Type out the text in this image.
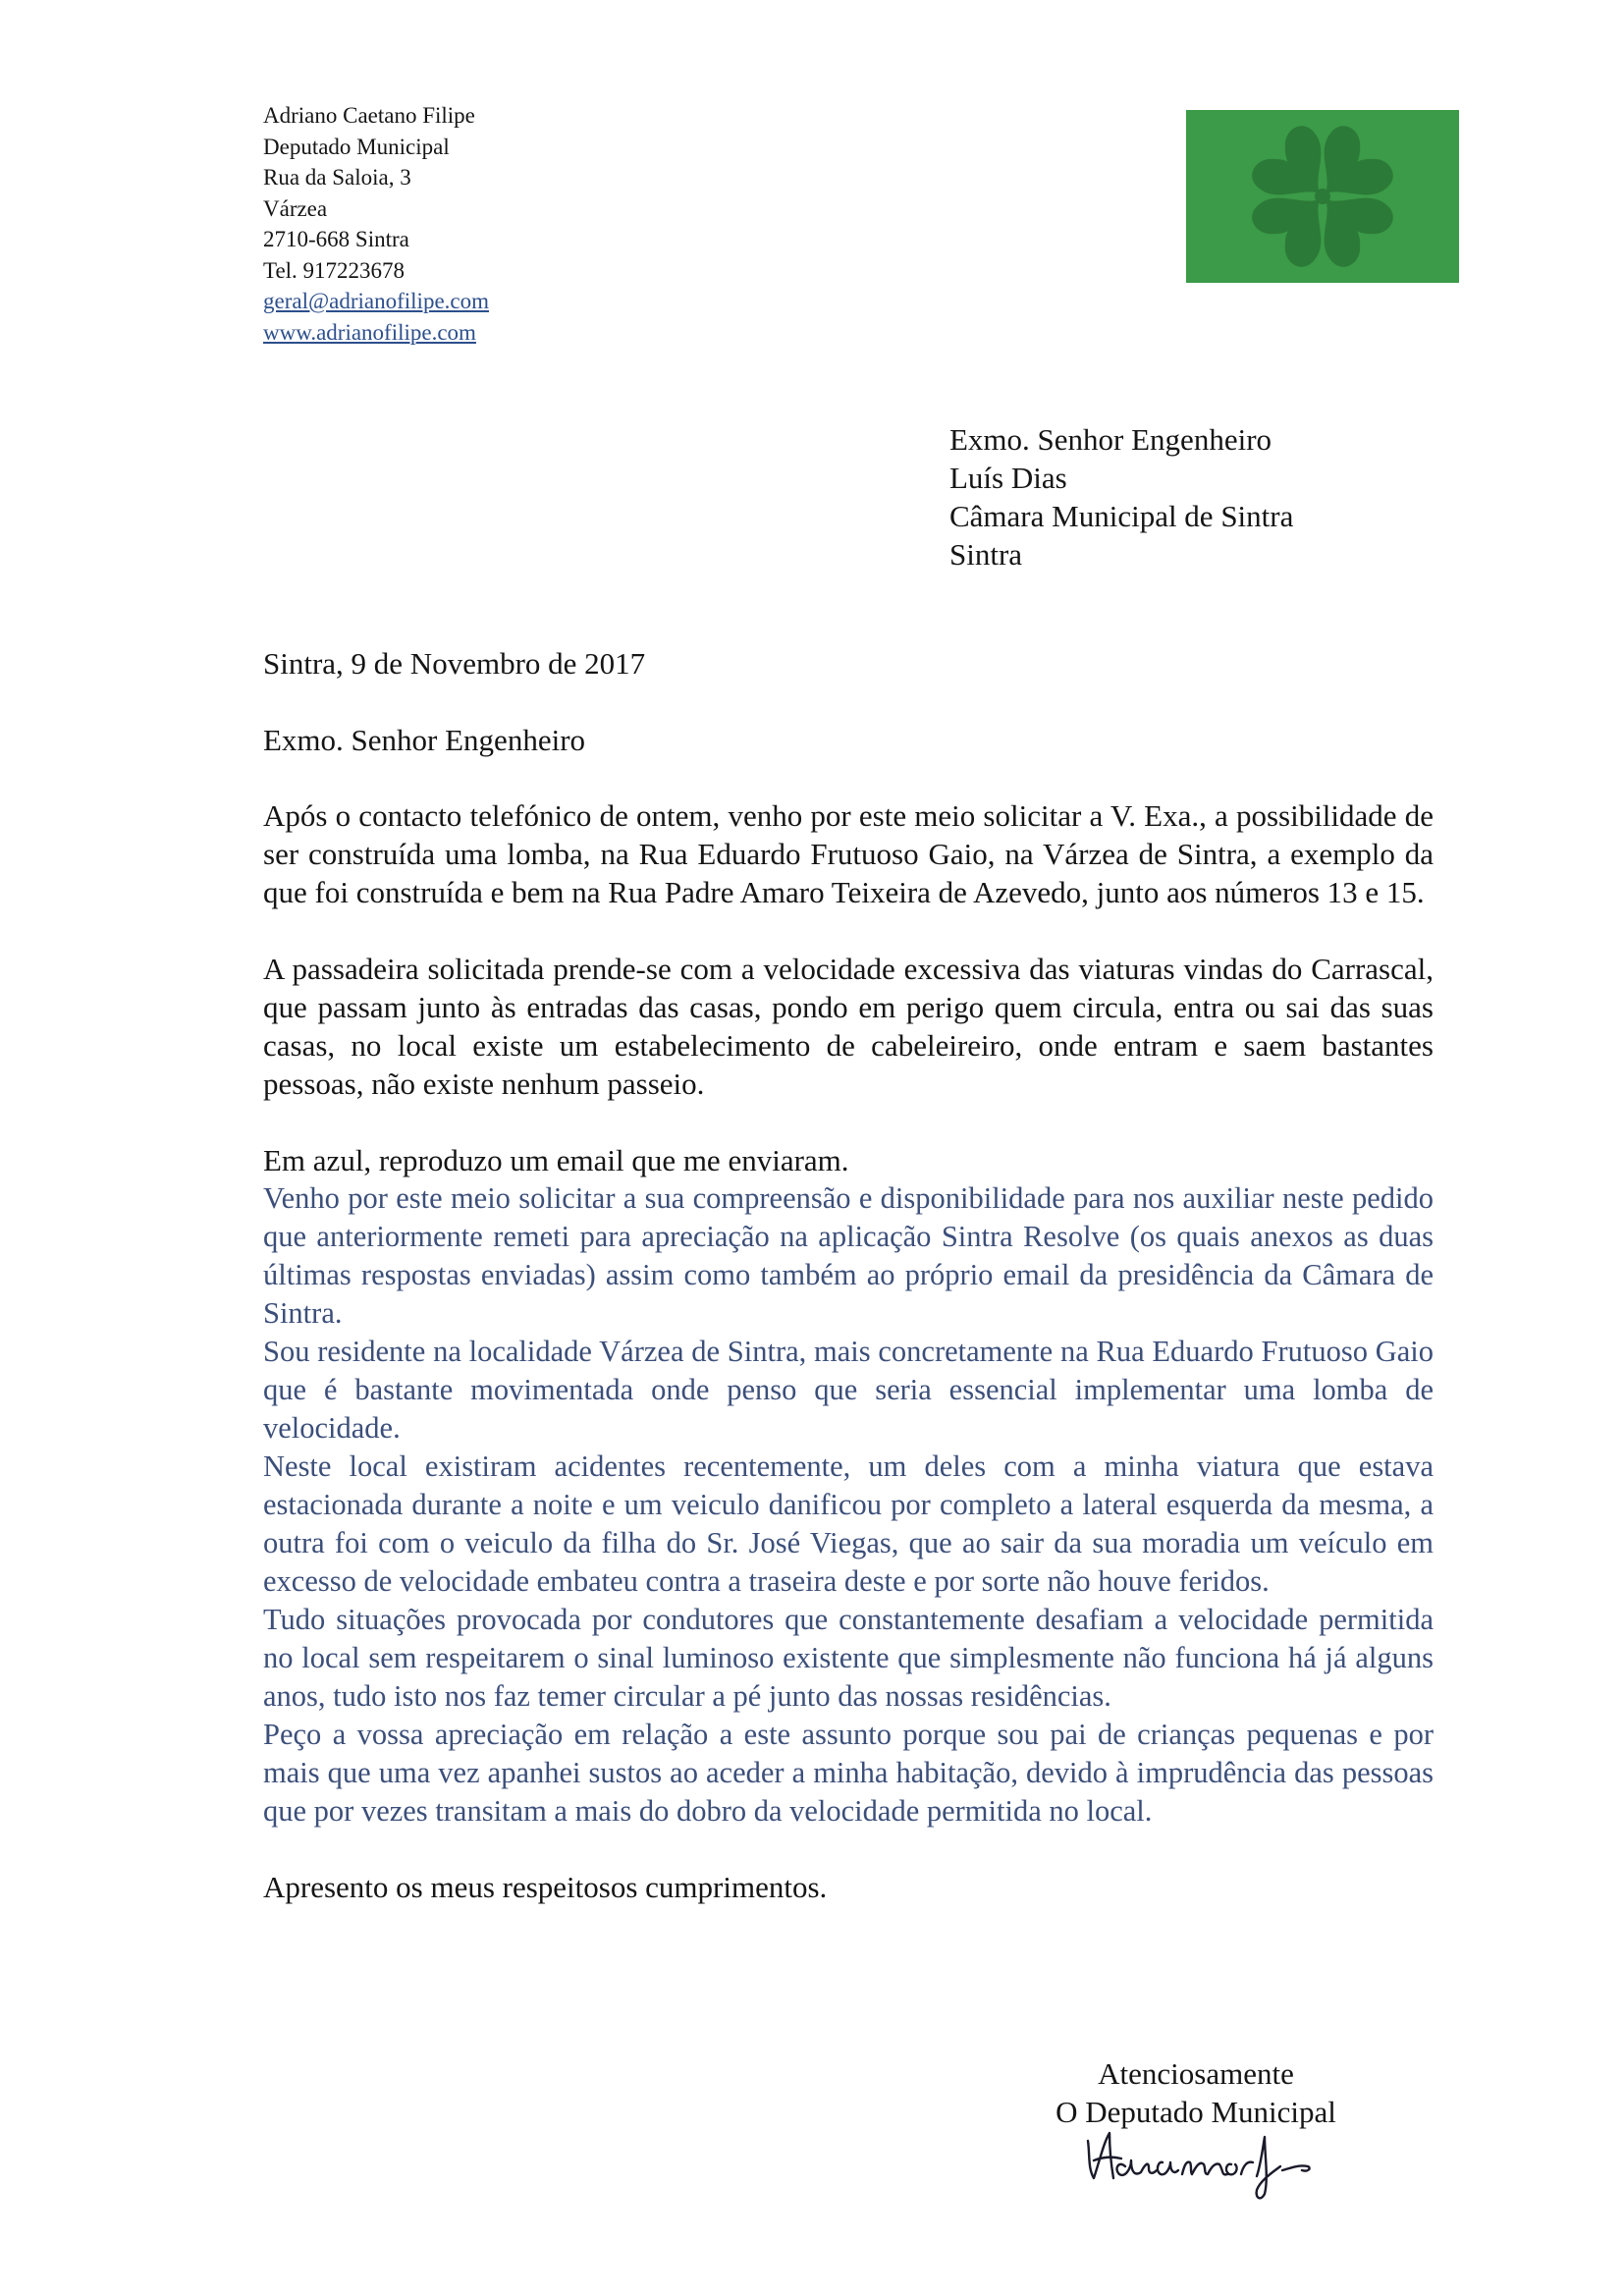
Adriano Caetano Filipe
Deputado Municipal
Rua da Saloia, 3
Várzea
2710-668 Sintra
Tel. 917223678
geral@adrianofilipe.com
www.adrianofilipe.com
Exmo. Senhor Engenheiro
Luís Dias
Câmara Municipal de Sintra
Sintra

Sintra, 9 de Novembro de 2017

Exmo. Senhor Engenheiro

Após o contacto telefónico de ontem, venho por este meio solicitar a V. Exa., a possibilidade de ser construída uma lomba, na Rua Eduardo Frutuoso Gaio, na Várzea de Sintra, a exemplo da que foi construída e bem na Rua Padre Amaro Teixeira de Azevedo, junto aos números 13 e 15.

A passadeira solicitada prende-se com a velocidade excessiva das viaturas vindas do Carrascal, que passam junto às entradas das casas, pondo em perigo quem circula, entra ou sai das suas casas, no local existe um estabelecimento de cabeleireiro, onde entram e saem bastantes pessoas, não existe nenhum passeio.

Em azul, reproduzo um email que me enviaram.

Venho por este meio solicitar a sua compreensão e disponibilidade para nos auxiliar neste pedido que anteriormente remeti para apreciação na aplicação Sintra Resolve (os quais anexos as duas últimas respostas enviadas) assim como também ao próprio email da presidência da Câmara de Sintra.

Sou residente na localidade Várzea de Sintra, mais concretamente na Rua Eduardo Frutuoso Gaio que é bastante movimentada onde penso que seria essencial implementar uma lomba de velocidade.

Neste local existiram acidentes recentemente, um deles com a minha viatura que estava estacionada durante a noite e um veiculo danificou por completo a lateral esquerda da mesma, a outra foi com o veiculo da filha do Sr. José Viegas, que ao sair da sua moradia um veículo em excesso de velocidade embateu contra a traseira deste e por sorte não houve feridos.

Tudo situações provocada por condutores que constantemente desafiam a velocidade permitida no local sem respeitarem o sinal luminoso existente que simplesmente não funciona há já alguns anos, tudo isto nos faz temer circular a pé junto das nossas residências.

Peço a vossa apreciação em relação a este assunto porque sou pai de crianças pequenas e por mais que uma vez apanhei sustos ao aceder a minha habitação, devido à imprudência das pessoas que por vezes transitam a mais do dobro da velocidade permitida no local.

Apresento os meus respeitosos cumprimentos.

Atenciosamente
O Deputado Municipal
